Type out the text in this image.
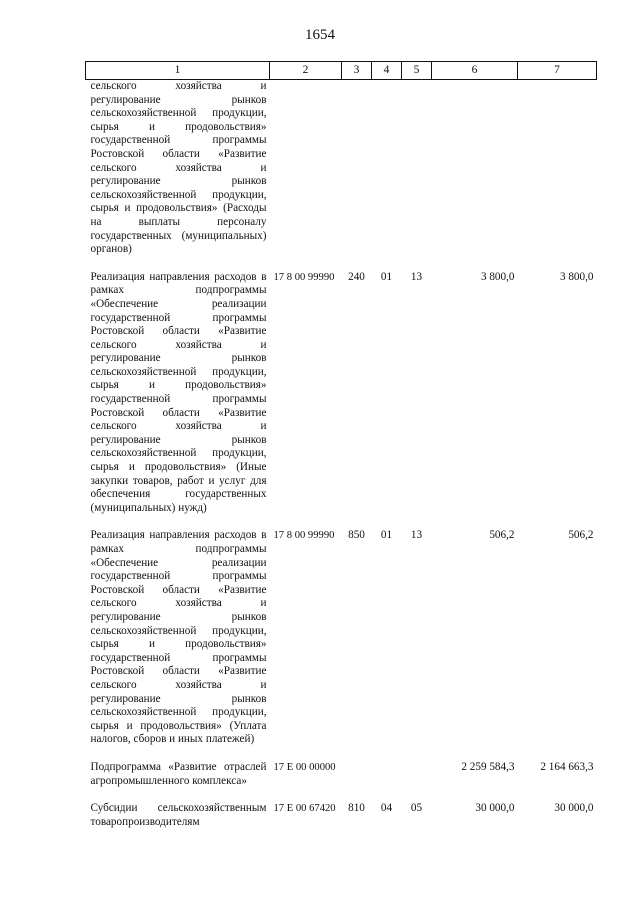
1654
1	2	3	4	5	6	7
сельского хозяйства и регулирование рынков сельскохозяйственной продукции, сырья и продовольствия» государственной программы Ростовской области «Развитие сельского хозяйства и регулирование рынков сельскохозяйственной продукции, сырья и продовольствия» (Расходы на выплаты персоналу государственных (муниципальных) органов)						
Реализация направления расходов в рамках подпрограммы «Обеспечение реализации государственной программы Ростовской области «Развитие сельского хозяйства и регулирование рынков сельскохозяйственной продукции, сырья и продовольствия» государственной программы Ростовской области «Развитие сельского хозяйства и регулирование рынков сельскохозяйственной продукции, сырья и продовольствия» (Иные закупки товаров, работ и услуг для обеспечения государственных (муниципальных) нужд)	17 8 00 99990	240	01	13	3 800,0	3 800,0
Реализация направления расходов в рамках подпрограммы «Обеспечение реализации государственной программы Ростовской области «Развитие сельского хозяйства и регулирование рынков сельскохозяйственной продукции, сырья и продовольствия» государственной программы Ростовской области «Развитие сельского хозяйства и регулирование рынков сельскохозяйственной продукции, сырья и продовольствия» (Уплата налогов, сборов и иных платежей)	17 8 00 99990	850	01	13	506,2	506,2
Подпрограмма «Развитие отраслей агропромышленного комплекса»	17 Е 00 00000				2 259 584,3	2 164 663,3
Субсидии сельскохозяйственным товаропроизводителям	17 Е 00 67420	810	04	05	30 000,0	30 000,0
